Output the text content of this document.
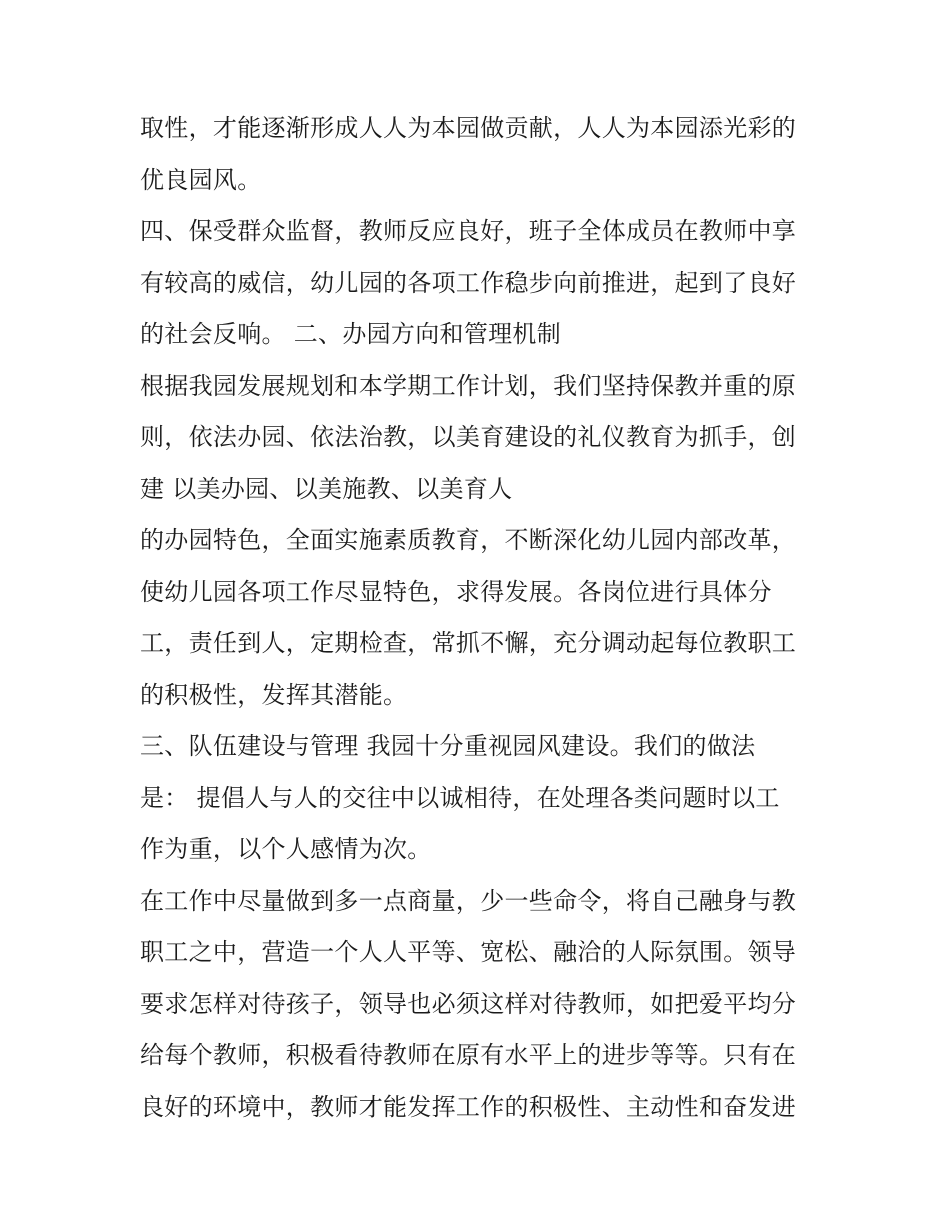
取性，才能逐渐形成人人为本园做贡献，人人为本园添光彩的
优良园风。
四、保受群众监督，教师反应良好，班子全体成员在教师中享
有较高的威信，幼儿园的各项工作稳步向前推进，起到了良好
的社会反响。 二、办园方向和管理机制
根据我园发展规划和本学期工作计划，我们坚持保教并重的原
则，依法办园、依法治教，以美育建设的礼仪教育为抓手，创
建 以美办园、以美施教、以美育人
的办园特色，全面实施素质教育，不断深化幼儿园内部改革，
使幼儿园各项工作尽显特色，求得发展。各岗位进行具体分
工，责任到人，定期检查，常抓不懈，充分调动起每位教职工
的积极性，发挥其潜能。
三、队伍建设与管理 我园十分重视园风建设。我们的做法
是： 提倡人与人的交往中以诚相待，在处理各类问题时以工
作为重，以个人感情为次。
在工作中尽量做到多一点商量，少一些命令，将自己融身与教
职工之中，营造一个人人平等、宽松、融洽的人际氛围。领导
要求怎样对待孩子，领导也必须这样对待教师，如把爱平均分
给每个教师，积极看待教师在原有水平上的进步等等。只有在
良好的环境中，教师才能发挥工作的积极性、主动性和奋发进
